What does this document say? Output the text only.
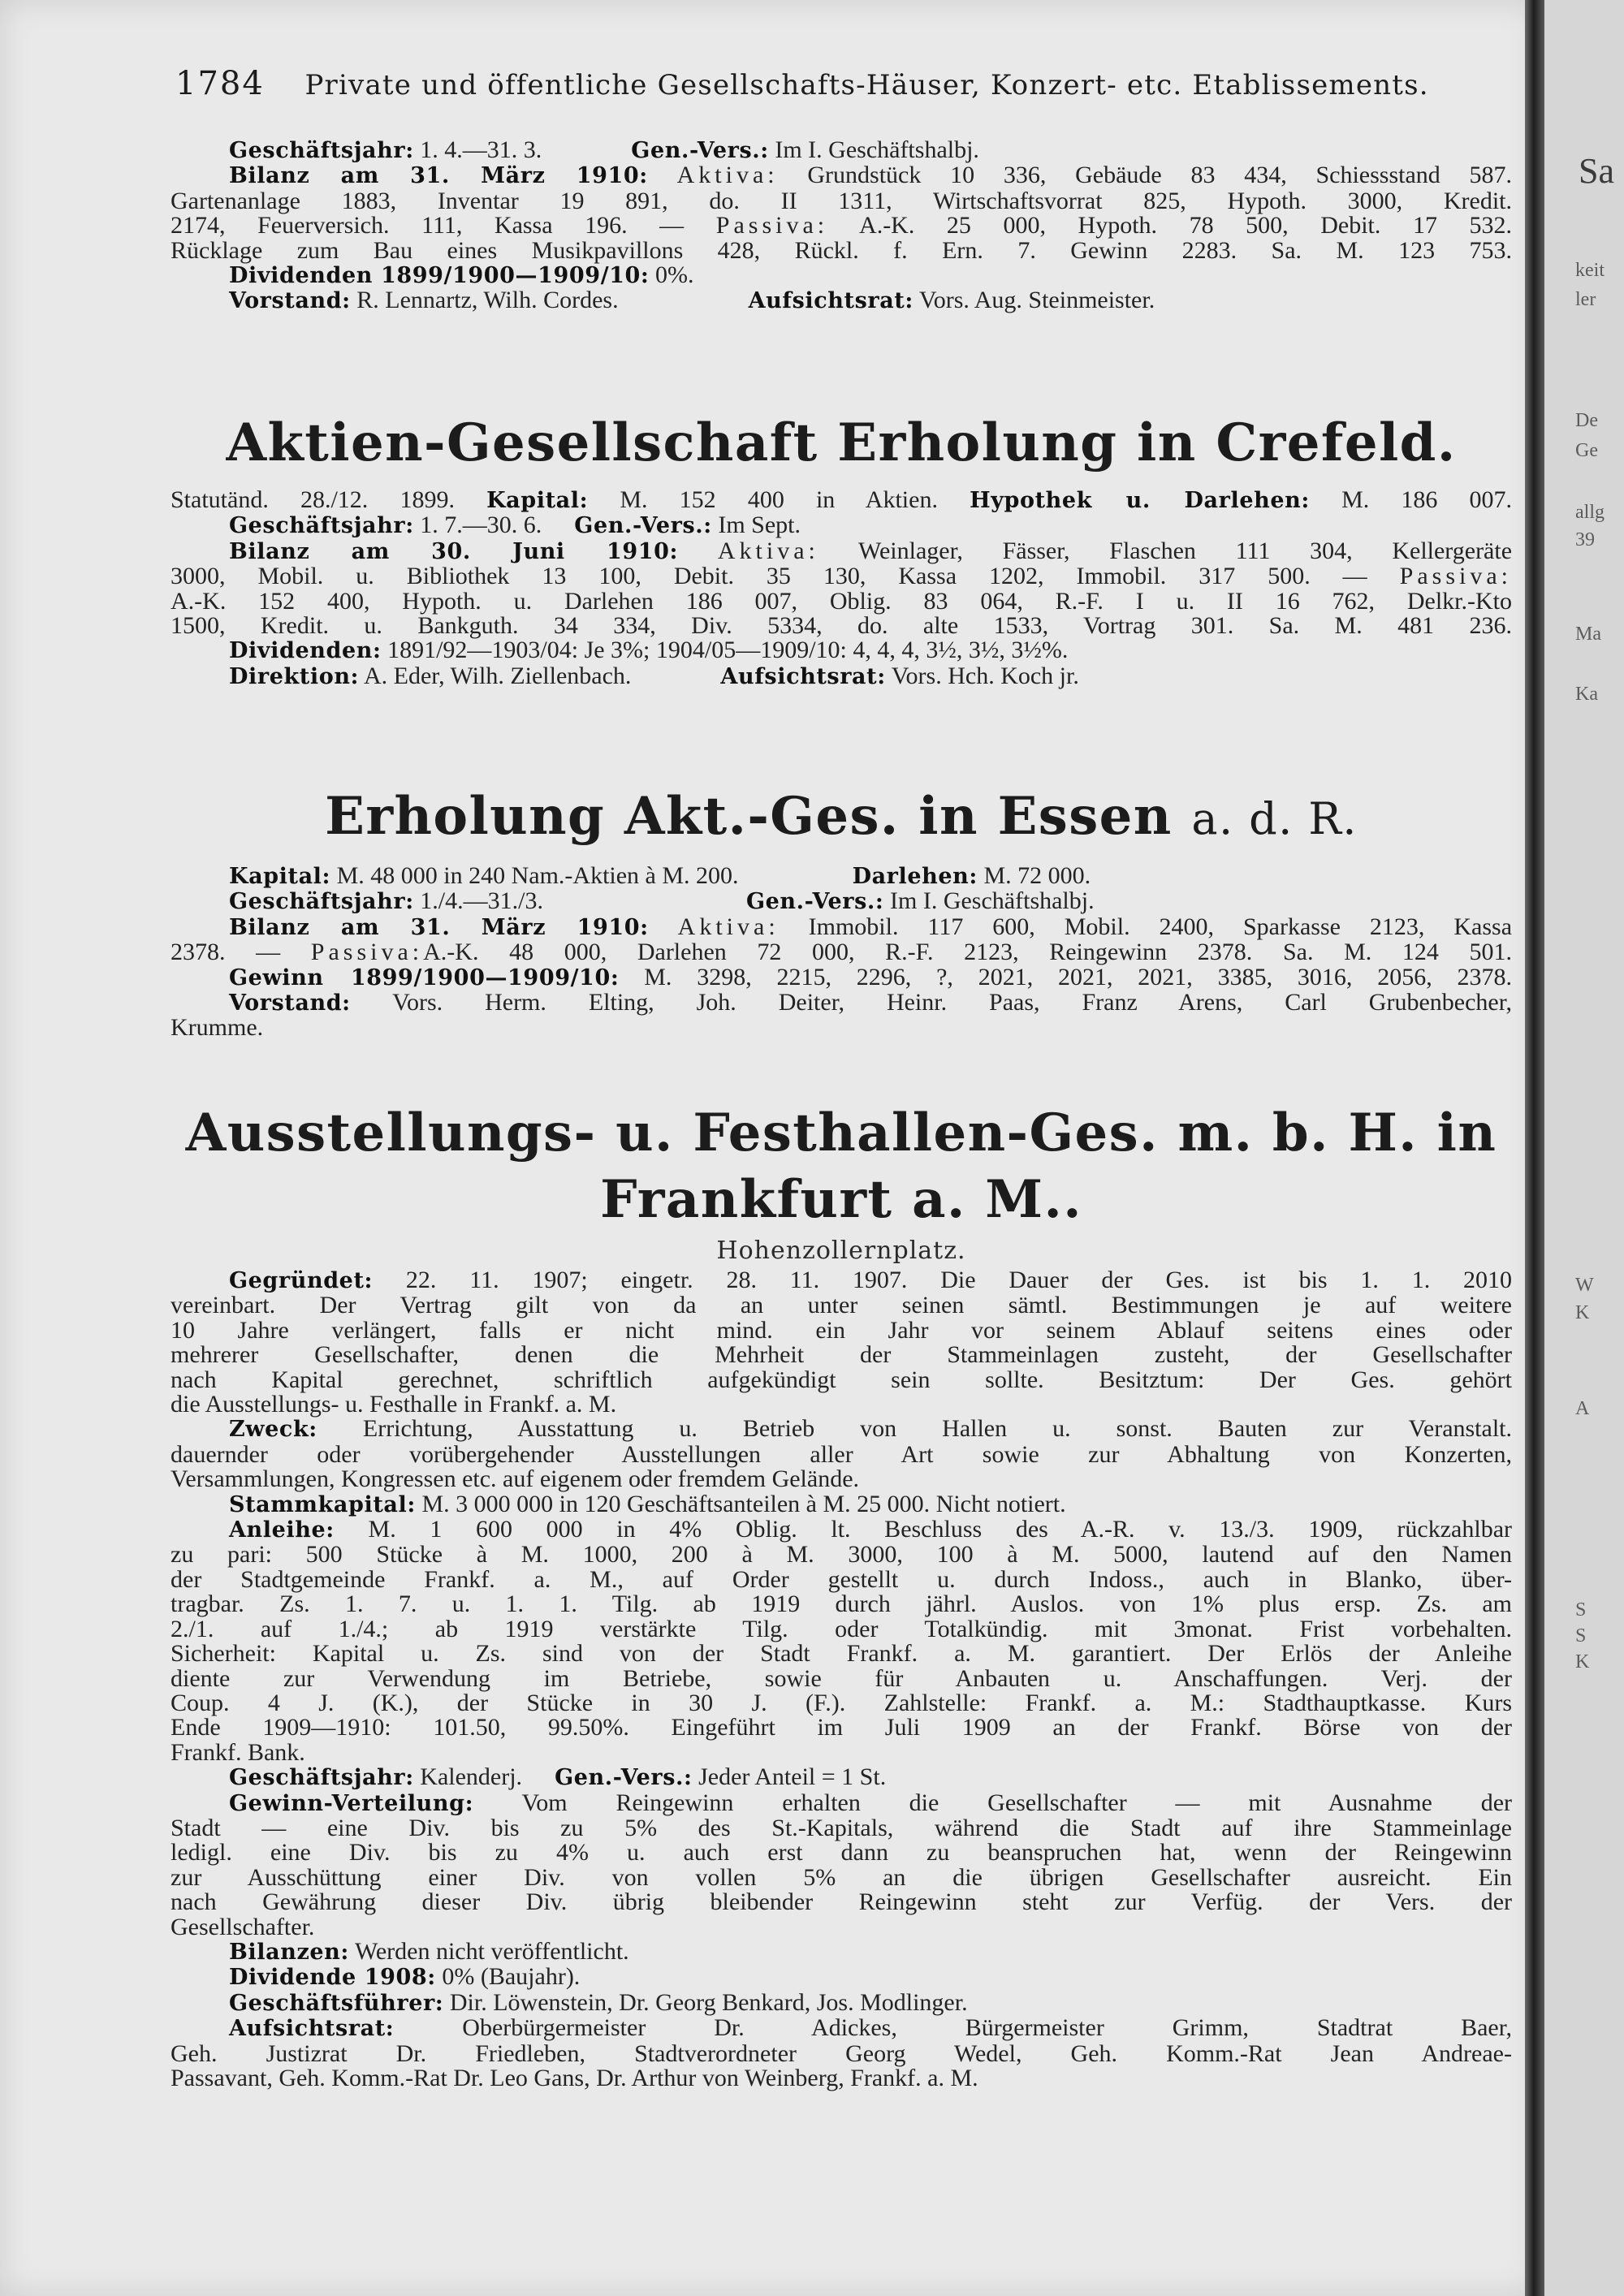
1784 Private und öffentliche Gesellschafts-Häuser, Konzert- etc. Etablissements.

Geschäftsjahr: 1. 4.—31. 3.	Gen.-Vers.: Im I. Geschäftshalbj.

Bilanz am 31. März 1910: Aktiva: Grundstück 10 336, Gebäude 83 434, Schiessstand 587.

Gartenanlage 1883, Inventar 19 891, do. II 1311, Wirtschaftsvorrat 825, Hypoth. 3000, Kredit.

2174, Feuerversich. 111, Kassa 196. — Passiva: A.-K. 25 000, Hypoth. 78 500, Debit. 17 532.

Rücklage zum Bau eines Musikpavillons 428, Rückl. f. Ern. 7. Gewinn 2283. Sa. M. 123 753.

Dividenden 1899/1900—1909/10: 0%.

Vorstand: R. Lennartz, Wilh. Cordes.	Aufsichtsrat: Vors. Aug. Steinmeister.

Aktien-Gesellschaft Erholung in Crefeld.

Statutänd. 28./12. 1899. Kapital: M. 152 400 in Aktien. Hypothek u. Darlehen: M. 186 007.

Geschäftsjahr: 1. 7.—30. 6. Gen.-Vers.: Im Sept.

Bilanz am 30. Juni 1910: Aktiva: Weinlager, Fässer, Flaschen 111 304, Kellergeräte

3000, Mobil. u. Bibliothek 13 100, Debit. 35 130, Kassa 1202, Immobil. 317 500. — Passiva:

A.-K. 152 400, Hypoth. u. Darlehen 186 007, Oblig. 83 064, R.-F. I u. II 16 762, Delkr.-Kto

1500, Kredit. u. Bankguth. 34 334, Div. 5334, do. alte 1533, Vortrag 301. Sa. M. 481 236.

Dividenden: 1891/92—1903/04: Je 3%; 1904/05—1909/10: 4, 4, 4, 3½, 3½, 3½%.

Direktion: A. Eder, Wilh. Ziellenbach.	Aufsichtsrat: Vors. Hch. Koch jr.

Erholung Akt.-Ges. in Essen a. d. R.

Kapital: M. 48 000 in 240 Nam.-Aktien à M. 200.	Darlehen: M. 72 000.

Geschäftsjahr: 1./4.—31./3.	Gen.-Vers.: Im I. Geschäftshalbj.

Bilanz am 31. März 1910: Aktiva: Immobil. 117 600, Mobil. 2400, Sparkasse 2123, Kassa

2378. — Passiva:A.-K. 48 000, Darlehen 72 000, R.-F. 2123, Reingewinn 2378. Sa. M. 124 501.

Gewinn 1899/1900—1909/10: M. 3298, 2215, 2296, ?, 2021, 2021, 2021, 3385, 3016, 2056, 2378.

Vorstand: Vors. Herm. Elting, Joh. Deiter, Heinr. Paas, Franz Arens, Carl Grubenbecher,

Krumme.

Ausstellungs- u. Festhallen-Ges. m. b. H. in Frankfurt a. M..
Hohenzollernplatz.

Gegründet: 22. 11. 1907; eingetr. 28. 11. 1907. Die Dauer der Ges. ist bis 1. 1. 2010

vereinbart. Der Vertrag gilt von da an unter seinen sämtl. Bestimmungen je auf weitere

10 Jahre verlängert, falls er nicht mind. ein Jahr vor seinem Ablauf seitens eines oder

mehrerer Gesellschafter, denen die Mehrheit der Stammeinlagen zusteht, der Gesellschafter

nach Kapital gerechnet, schriftlich aufgekündigt sein sollte. Besitztum: Der Ges. gehört

die Ausstellungs- u. Festhalle in Frankf. a. M.

Zweck: Errichtung, Ausstattung u. Betrieb von Hallen u. sonst. Bauten zur Veranstalt.

dauernder oder vorübergehender Ausstellungen aller Art sowie zur Abhaltung von Konzerten,

Versammlungen, Kongressen etc. auf eigenem oder fremdem Gelände.

Stammkapital: M. 3 000 000 in 120 Geschäftsanteilen à M. 25 000. Nicht notiert.

Anleihe: M. 1 600 000 in 4% Oblig. lt. Beschluss des A.-R. v. 13./3. 1909, rückzahlbar

zu pari: 500 Stücke à M. 1000, 200 à M. 3000, 100 à M. 5000, lautend auf den Namen

der Stadtgemeinde Frankf. a. M., auf Order gestellt u. durch Indoss., auch in Blanko, über-

tragbar. Zs. 1. 7. u. 1. 1. Tilg. ab 1919 durch jährl. Auslos. von 1% plus ersp. Zs. am

2./1. auf 1./4.; ab 1919 verstärkte Tilg. oder Totalkündig. mit 3monat. Frist vorbehalten.

Sicherheit: Kapital u. Zs. sind von der Stadt Frankf. a. M. garantiert. Der Erlös der Anleihe

diente zur Verwendung im Betriebe, sowie für Anbauten u. Anschaffungen. Verj. der

Coup. 4 J. (K.), der Stücke in 30 J. (F.). Zahlstelle: Frankf. a. M.: Stadthauptkasse. Kurs

Ende 1909—1910: 101.50, 99.50%. Eingeführt im Juli 1909 an der Frankf. Börse von der

Frankf. Bank.

Geschäftsjahr: Kalenderj. Gen.-Vers.: Jeder Anteil = 1 St.

Gewinn-Verteilung: Vom Reingewinn erhalten die Gesellschafter — mit Ausnahme der

Stadt — eine Div. bis zu 5% des St.-Kapitals, während die Stadt auf ihre Stammeinlage

ledigl. eine Div. bis zu 4% u. auch erst dann zu beanspruchen hat, wenn der Reingewinn

zur Ausschüttung einer Div. von vollen 5% an die übrigen Gesellschafter ausreicht. Ein

nach Gewährung dieser Div. übrig bleibender Reingewinn steht zur Verfüg. der Vers. der

Gesellschafter.

Bilanzen: Werden nicht veröffentlicht.

Dividende 1908: 0% (Baujahr).

Geschäftsführer: Dir. Löwenstein, Dr. Georg Benkard, Jos. Modlinger.

Aufsichtsrat:	Oberbürgermeister Dr. Adickes, Bürgermeister Grimm, Stadtrat Baer,

Geh. Justizrat Dr. Friedleben, Stadtverordneter Georg Wedel, Geh. Komm.-Rat Jean Andreae-

Passavant, Geh. Komm.-Rat Dr. Leo Gans, Dr. Arthur von Weinberg, Frankf. a. M.

Sa
keit
ler
De
Ge
allg
39
Ma
Ka
W
K
A
S
S
K
